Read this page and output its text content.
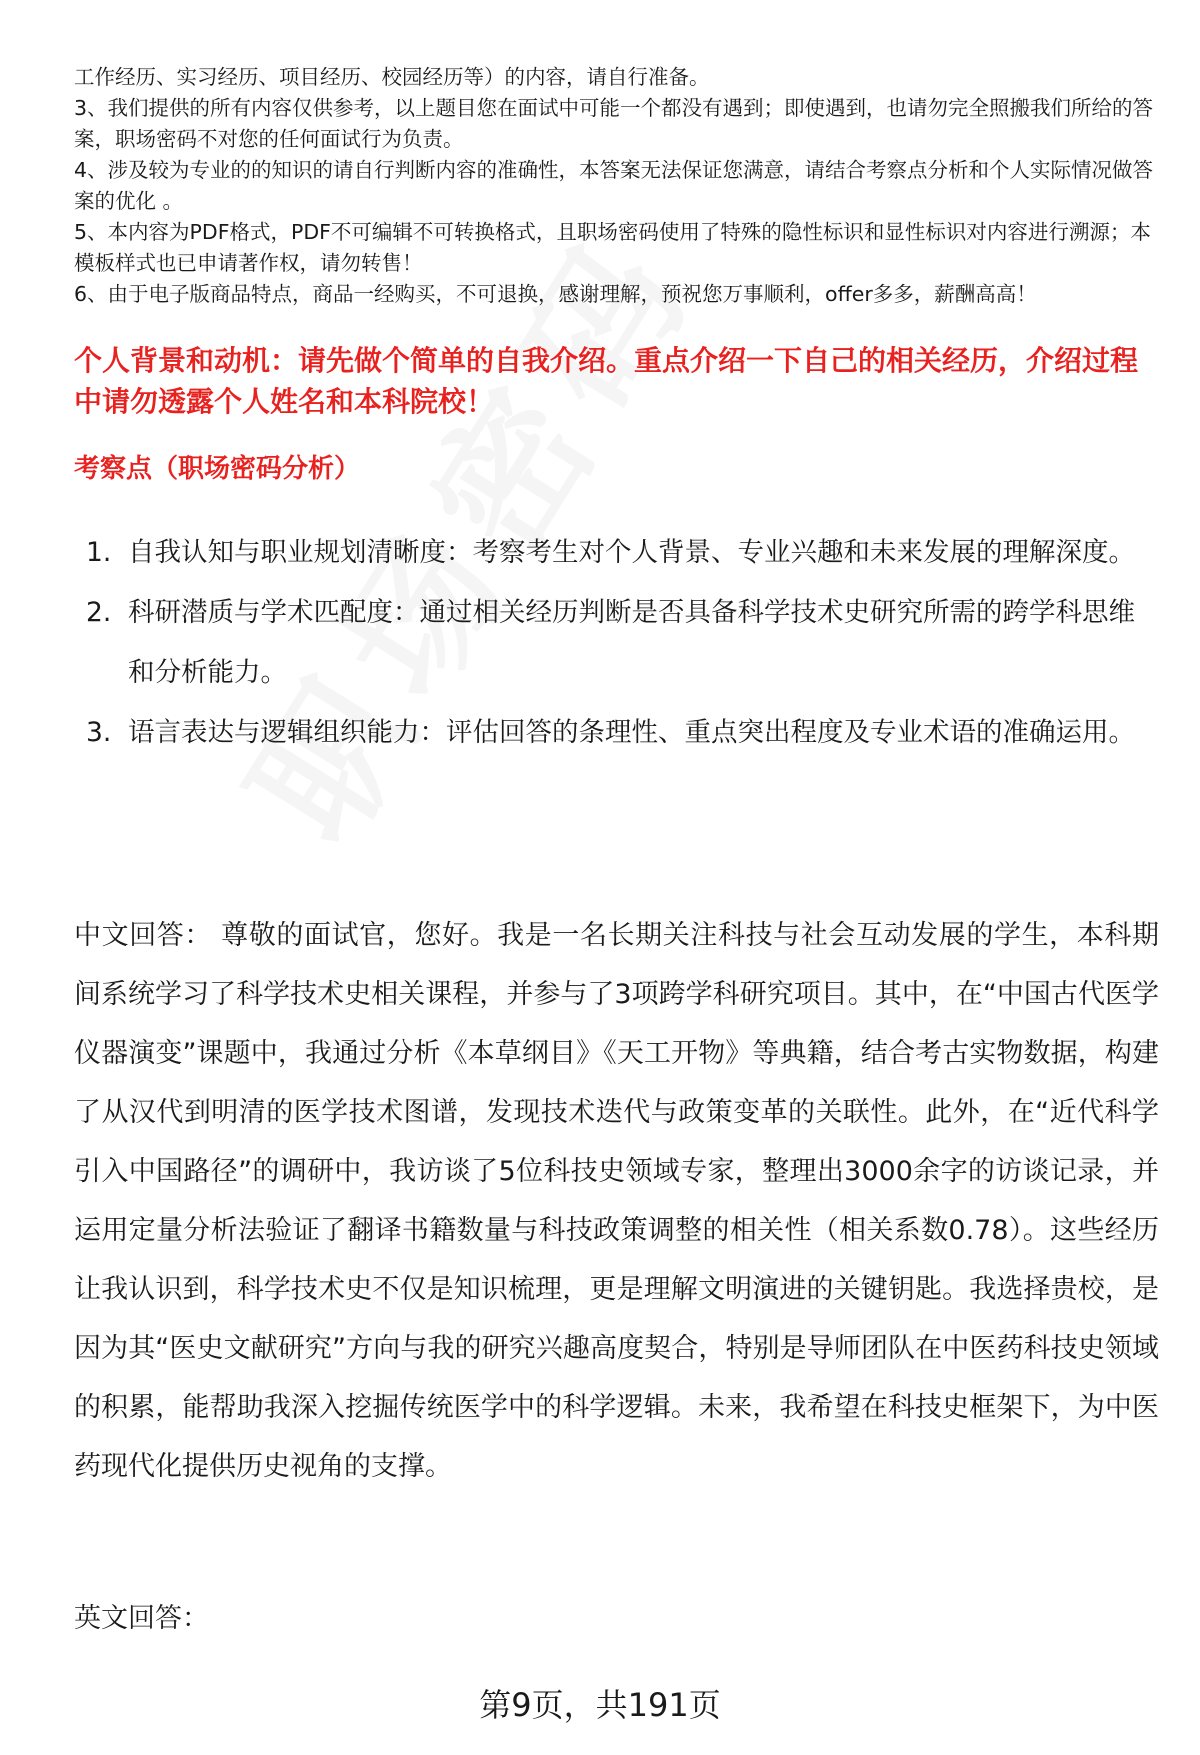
工作经历、实习经历、项目经历、校园经历等）的内容，请自行准备。

3、我们提供的所有内容仅供参考，以上题目您在面试中可能一个都没有遇到；即使遇到，也请勿完全照搬我们所给的答案，职场密码不对您的任何面试行为负责。

4、涉及较为专业的的知识的请自行判断内容的准确性，本答案无法保证您满意，请结合考察点分析和个人实际情况做答案的优化 。

5、本内容为PDF格式，PDF不可编辑不可转换格式，且职场密码使用了特殊的隐性标识和显性标识对内容进行溯源；本模板样式也已申请著作权，请勿转售！

6、由于电子版商品特点，商品一经购买，不可退换，感谢理解，预祝您万事顺利，offer多多，薪酬高高！

个人背景和动机：请先做个简单的自我介绍。重点介绍一下自己的相关经历，介绍过程中请勿透露个人姓名和本科院校！
考察点（职场密码分析）
1. 自我认知与职业规划清晰度：考察考生对个人背景、专业兴趣和未来发展的理解深度。
2. 科研潜质与学术匹配度：通过相关经历判断是否具备科学技术史研究所需的跨学科思维和分析能力。
3. 语言表达与逻辑组织能力：评估回答的条理性、重点突出程度及专业术语的准确运用。

中文回答： 尊敬的面试官，您好。我是一名长期关注科技与社会互动发展的学生，本科期间系统学习了科学技术史相关课程，并参与了3项跨学科研究项目。其中，在“中国古代医学仪器演变”课题中，我通过分析《本草纲目》《天工开物》等典籍，结合考古实物数据，构建了从汉代到明清的医学技术图谱，发现技术迭代与政策变革的关联性。此外，在“近代科学引入中国路径”的调研中，我访谈了5位科技史领域专家，整理出3000余字的访谈记录，并运用定量分析法验证了翻译书籍数量与科技政策调整的相关性（相关系数0.78）。这些经历让我认识到，科学技术史不仅是知识梳理，更是理解文明演进的关键钥匙。我选择贵校，是因为其“医史文献研究”方向与我的研究兴趣高度契合，特别是导师团队在中医药科技史领域的积累，能帮助我深入挖掘传统医学中的科学逻辑。未来，我希望在科技史框架下，为中医药现代化提供历史视角的支撑。

英文回答：

第9页，共191页
